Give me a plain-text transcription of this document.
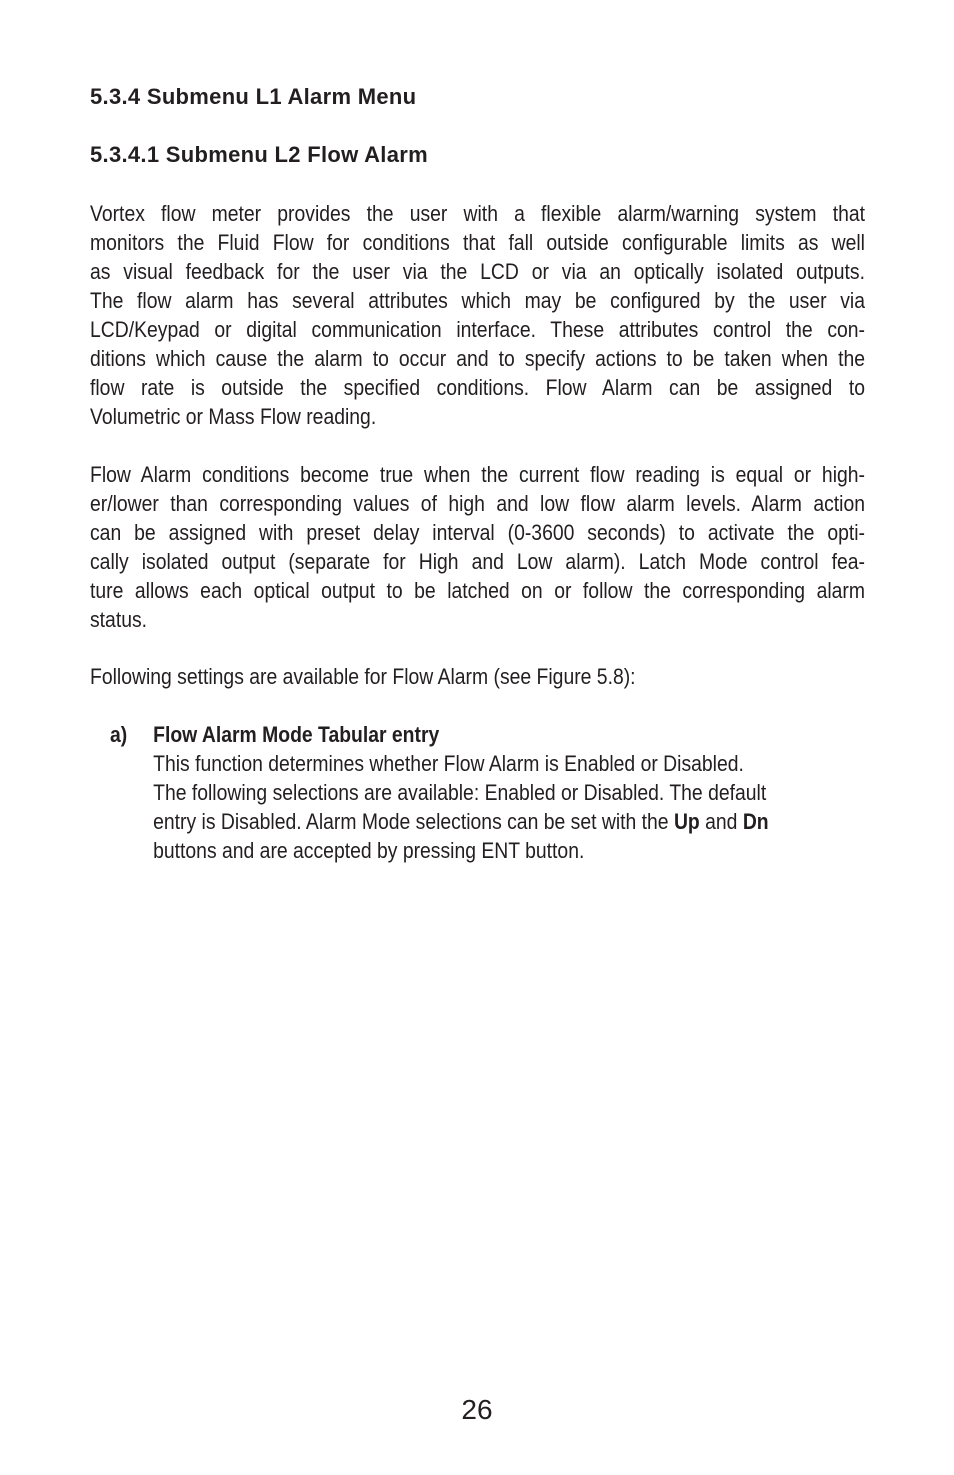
5.3.4 Submenu L1 Alarm Menu
5.3.4.1 Submenu L2 Flow Alarm

Vortex flow meter provides the user with a flexible alarm/warning system that
monitors the Fluid Flow for conditions that fall outside configurable limits as well
as visual feedback for the user via the LCD or via an optically isolated outputs.
The flow alarm has several attributes which may be configured by the user via
LCD/Keypad or digital communication interface. These attributes control the con-
ditions which cause the alarm to occur and to specify actions to be taken when the
flow rate is outside the specified conditions. Flow Alarm can be assigned to
Volumetric or Mass Flow reading.

Flow Alarm conditions become true when the current flow reading is equal or high-
er/lower than corresponding values of high and low flow alarm levels. Alarm action
can be assigned with preset delay interval (0-3600 seconds) to activate the opti-
cally isolated output (separate for High and Low alarm). Latch Mode control fea-
ture allows each optical output to be latched on or follow the corresponding alarm
status.

Following settings are available for Flow Alarm (see Figure 5.8):

a) Flow Alarm Mode Tabular entry
This function determines whether Flow Alarm is Enabled or Disabled.
The following selections are available: Enabled or Disabled. The default
entry is Disabled. Alarm Mode selections can be set with the Up and Dn
buttons and are accepted by pressing ENT button.

26
